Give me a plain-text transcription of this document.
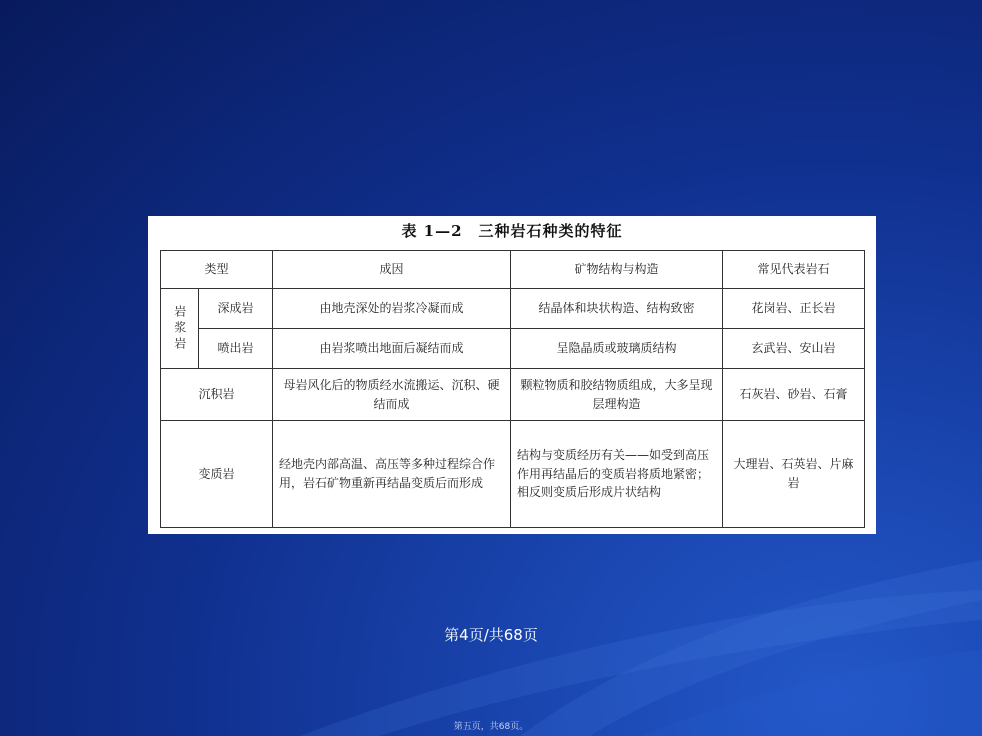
表 1—2　三种岩石种类的特征
类型		成因	矿物结构与构造	常见代表岩石
岩浆岩	深成岩	由地壳深处的岩浆冷凝而成	结晶体和块状构造、结构致密	花岗岩、正长岩
	喷出岩	由岩浆喷出地面后凝结而成	呈隐晶质或玻璃质结构	玄武岩、安山岩
沉积岩		母岩风化后的物质经水流搬运、沉积、硬结而成	颗粒物质和胶结物质组成，大多呈现层理构造	石灰岩、砂岩、石膏
变质岩		经地壳内部高温、高压等多种过程综合作用，岩石矿物重新再结晶变质后而形成	结构与变质经历有关——如受到高压作用再结晶后的变质岩将质地紧密；相反则变质后形成片状结构	大理岩、石英岩、片麻岩
第4页/共68页
第五页，共68页。
